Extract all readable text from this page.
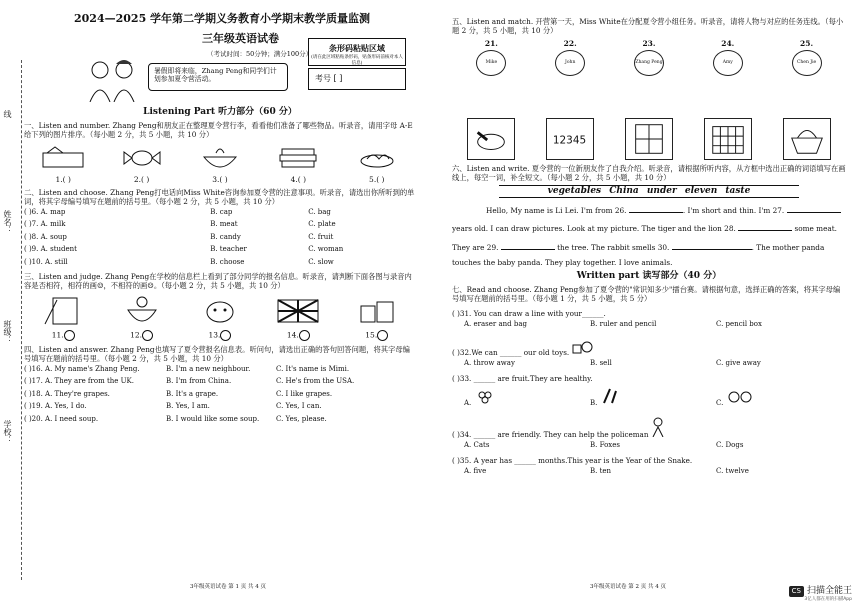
线
姓名：
班级：
学校：
2024—2025 学年第二学期义务教育小学期末教学质量监测
三年级英语试卷
（考试时间：50分钟；满分100分）
暑假即将来临，Zhang Peng和同学们计划参加夏令营活动。
条形码粘贴区域
(请在此区域粘贴条形码，贴条形码前核对本人信息)
考号 [ ]
Listening Part 听力部分（60 分）
一、Listen and number. Zhang Peng和朋友正在整理夏令营行李，看看他们准备了哪些物品。听录音，请用字母 A-E 给下列的图片排序。（每小题 2 分，共 5 小题，共 10 分）
1.( )	2.( )	3.( )	4.( )	5.( )
二、Listen and choose. Zhang Peng打电话向Miss White咨询参加夏令营的注意事项。听录音，请选出你所听到的单词，将其字母编号填写在题前的括号里。（每小题 2 分，共 5 小题，共 10 分）
( )6. A. map	B. cap	C. bag
( )7. A. milk	B. meat	C. plate
( )8. A. soup	B. candy	C. fruit
( )9. A. student	B. teacher	C. woman
( )10. A. still	B. choose	C. slow
三、Listen and judge. Zhang Peng在学校的信息栏上看到了部分同学的报名信息。听录音，请判断下面各图与录音内容是否相符，相符的画☺，不相符的画☹。（每小题 2 分，共 5 小题，共 10 分）
11.	12.	13.	14.	15.
四、Listen and answer. Zhang Peng也填写了夏令营报名信息表。听问句，请选出正确的答句回答问题，将其字母编号填写在题前的括号里。（每小题 2 分，共 5 小题，共 10 分）
( )16. A. My name's Zhang Peng.	B. I'm a new neighbour.	C. It's name is Mimi.
( )17. A. They are from the UK.	B. I'm from China.	C. He's from the USA.
( )18. A. They're grapes.	B. It's a grape.	C. I like grapes.
( )19. A. Yes, I do.	B. Yes, I am.	C. Yes, I can.
( )20. A. I need soup.	B. I would like some soup.	C. Yes, please.
3年级英语试卷 第 1 页 共 4 页
五、Listen and match. 开营第一天，Miss White在分配夏令营小组任务。听录音，请将人物与对应的任务连线。（每小题 2 分，共 5 小题，共 10 分）
21.
Mike
22.
John
23.
Zhang Peng
24.
Amy
25.
Chen Jie
12345
六、Listen and write. 夏令营的一位新朋友作了自我介绍。听录音，请根据所听内容，从方框中选出正确的词语填写在画线上，每空一词，补全短文。（每小题 2 分，共 5 小题，共 10 分）
vegetables China under eleven taste
Hello, My name is Li Lei. I'm from 26.	. I'm short and thin. I'm 27.
years old. I can draw pictures. Look at my picture. The tiger and the lion 28.	some meat.
They are 29.	the tree. The rabbit smells 30.	. The mother panda
touches the baby panda. They play together. I love animals.
Written part 读写部分（40 分）
七、Read and choose. Zhang Peng参加了夏令营的"常识知多少"擂台赛。请根据句意，选择正确的答案，将其字母编号填写在题前的括号里。（每小题 1 分，共 5 小题，共 5 分）
( )31. You can draw a line with your______.
A. eraser and bag	B. ruler and pencil	C. pencil box
( )32.We can ______ our old toys.
A. throw away	B. sell	C. give away
( )33. ______ are fruit.They are healthy.
A.	B.	C.
( )34. ______ are friendly. They can help the policeman
A. Cats	B. Foxes	C. Dogs
( )35. A year has ______ months.This year is the Year of the Snake.
A. five	B. ten	C. twelve
3年级英语试卷 第 2 页 共 4 页	CS 扫描全能王
3亿人都在用的扫描App
